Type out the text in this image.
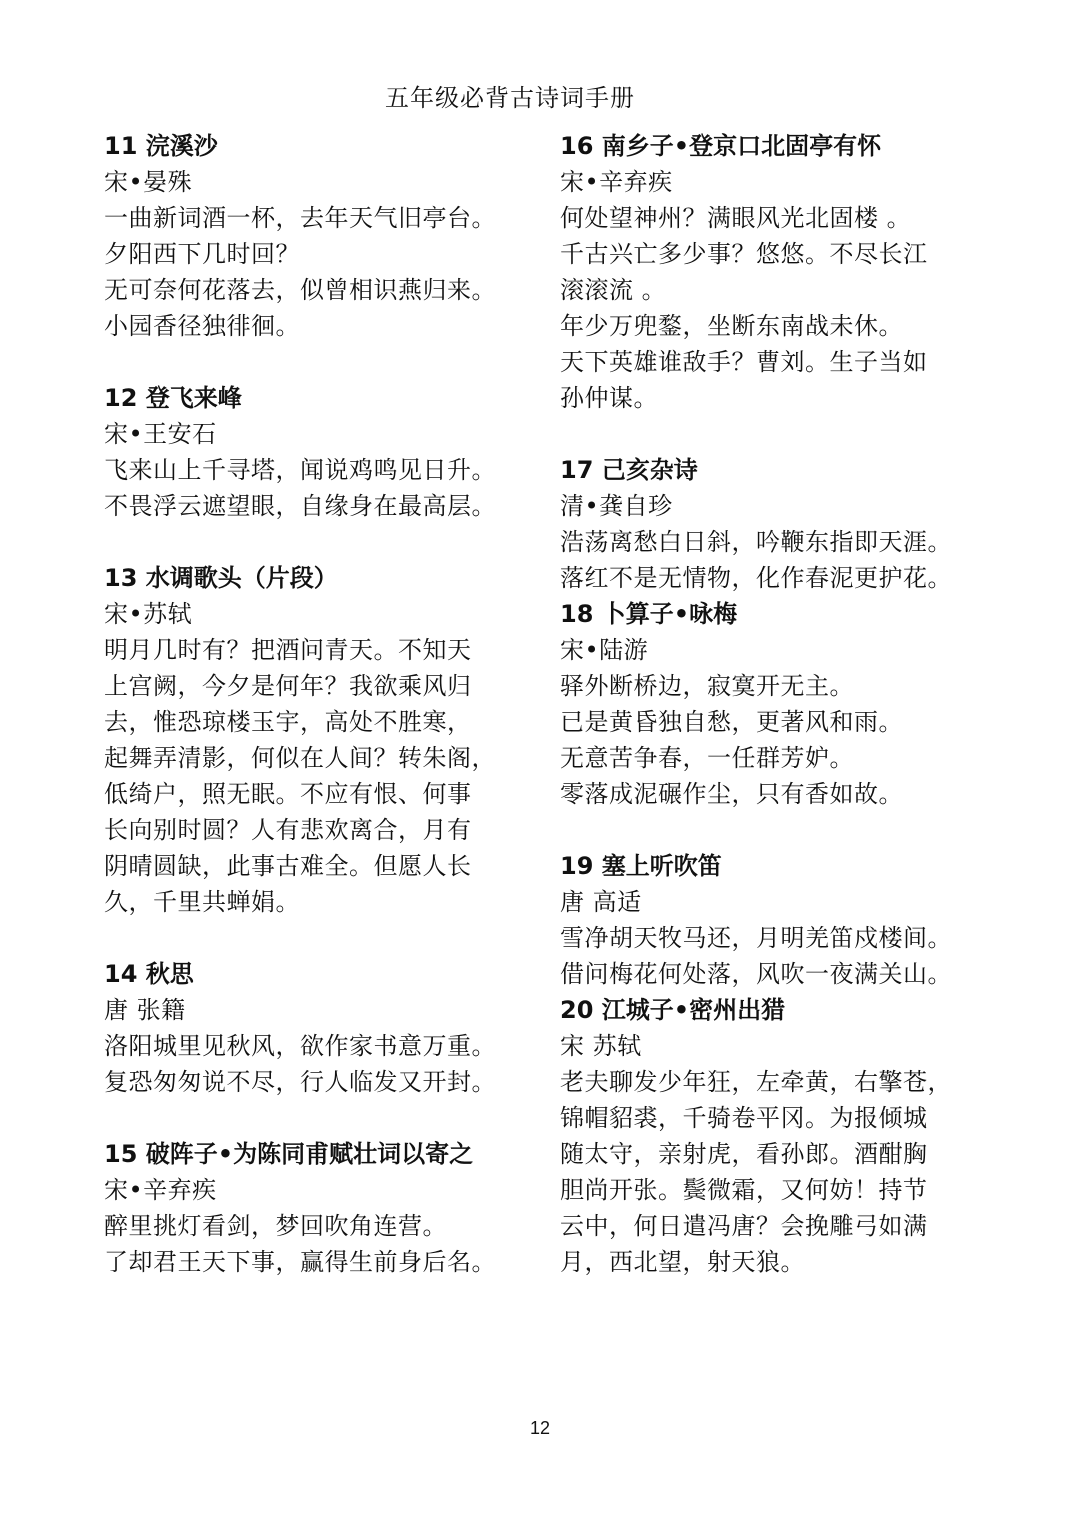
五年级必背古诗词手册
11 浣溪沙
宋•晏殊
一曲新词酒一杯，去年天气旧亭台。
夕阳西下几时回？
无可奈何花落去，似曾相识燕归来。
小园香径独徘徊。
12 登飞来峰
宋•王安石
飞来山上千寻塔，闻说鸡鸣见日升。
不畏浮云遮望眼，自缘身在最高层。
13 水调歌头（片段）
宋•苏轼
明月几时有？把酒问青天。不知天
上宫阙，今夕是何年？我欲乘风归
去，惟恐琼楼玉宇，高处不胜寒，
起舞弄清影，何似在人间？转朱阁，
低绮户，照无眠。不应有恨、何事
长向别时圆？人有悲欢离合，月有
阴晴圆缺，此事古难全。但愿人长
久，千里共蝉娟。
14 秋思
唐 张籍
洛阳城里见秋风，欲作家书意万重。
复恐匆匆说不尽，行人临发又开封。
15 破阵子•为陈同甫赋壮词以寄之
宋•辛弃疾
醉里挑灯看剑，梦回吹角连营。
了却君王天下事，赢得生前身后名。
16 南乡子•登京口北固亭有怀
宋•辛弃疾
何处望神州？满眼风光北固楼 。
千古兴亡多少事？悠悠。不尽长江
滚滚流 。
年少万兜鍪，坐断东南战未休。
天下英雄谁敌手？曹刘。生子当如
孙仲谋。
17 己亥杂诗
清•龚自珍
浩荡离愁白日斜，吟鞭东指即天涯。
落红不是无情物，化作春泥更护花。
18 卜算子•咏梅
宋•陆游
驿外断桥边，寂寞开无主。
已是黄昏独自愁，更著风和雨。
无意苦争春，一任群芳妒。
零落成泥碾作尘，只有香如故。
19 塞上听吹笛
唐 高适
雪净胡天牧马还，月明羌笛戍楼间。
借问梅花何处落，风吹一夜满关山。
20 江城子•密州出猎
宋 苏轼
老夫聊发少年狂，左牵黄，右擎苍，
锦帽貂裘，千骑卷平冈。为报倾城
随太守，亲射虎，看孙郎。酒酣胸
胆尚开张。鬓微霜，又何妨！持节
云中，何日遣冯唐？会挽雕弓如满
月，西北望，射天狼。
12
